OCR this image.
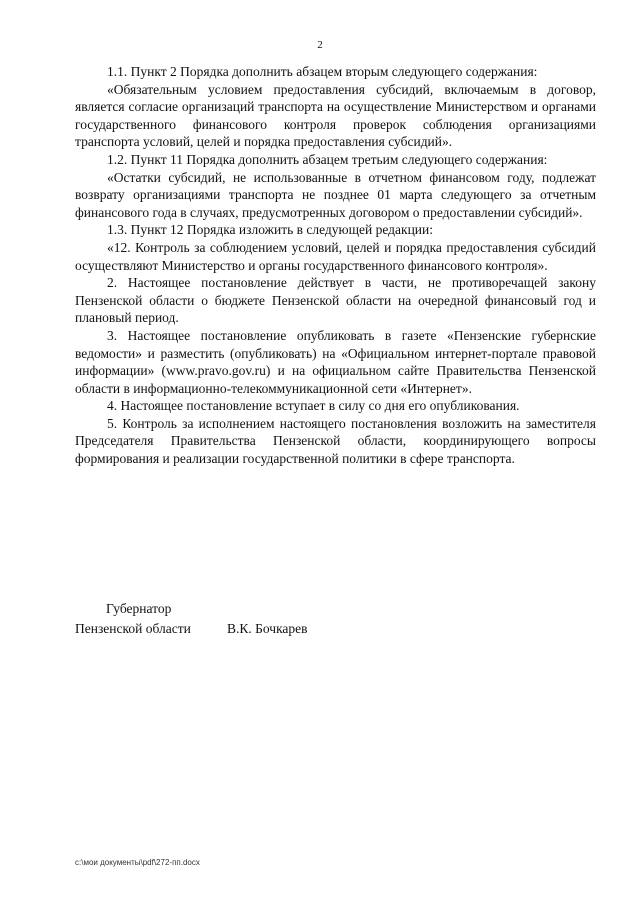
2

1.1. Пункт 2 Порядка дополнить абзацем вторым следующего содержания:

«Обязательным условием предоставления субсидий, включаемым в договор, является согласие организаций транспорта на осуществление Министерством и органами государственного финансового контроля проверок соблюдения организациями транспорта условий, целей и порядка предоставления субсидий».

1.2. Пункт 11 Порядка дополнить абзацем третьим следующего содержания:

«Остатки субсидий, не использованные в отчетном финансовом году, подлежат возврату организациями транспорта не позднее 01 марта следующего за отчетным финансового года в случаях, предусмотренных договором о предоставлении субсидий».

1.3. Пункт 12 Порядка изложить в следующей редакции:

«12. Контроль за соблюдением условий, целей и порядка предоставления субсидий осуществляют Министерство и органы государственного финансового контроля».

2. Настоящее постановление действует в части, не противоречащей закону Пензенской области о бюджете Пензенской области на очередной финансовый год и плановый период.

3. Настоящее постановление опубликовать в газете «Пензенские губернские ведомости» и разместить (опубликовать) на «Официальном интернет-портале правовой информации» (www.pravo.gov.ru) и на официальном сайте Правительства Пензенской области в информационно-телекоммуникационной сети «Интернет».

4. Настоящее постановление вступает в силу со дня его опубликования.

5. Контроль за исполнением настоящего постановления возложить на заместителя Председателя Правительства Пензенской области, координирующего вопросы формирования и реализации государственной политики в сфере транспорта.

Губернатор
Пензенской области	В.К. Бочкарев
c:\мои документы\pdf\272-пп.docx
